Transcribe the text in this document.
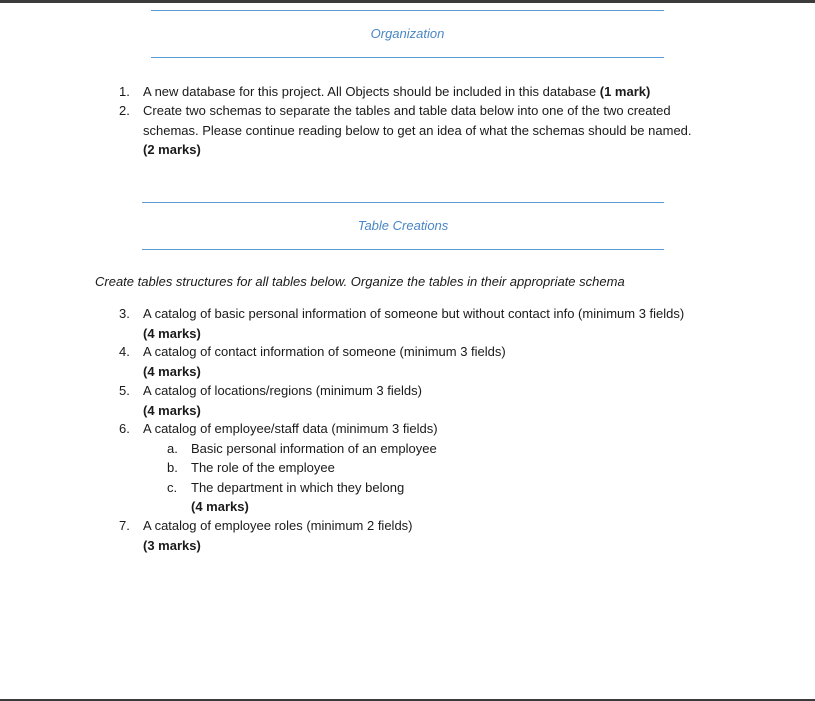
Organization
1.	A new database for this project. All Objects should be included in this database (1 mark)
2.	Create two schemas to separate the tables and table data below into one of the two created
schemas. Please continue reading below to get an idea of what the schemas should be named.
(2 marks)
Table Creations
Create tables structures for all tables below. Organize the tables in their appropriate schema
3.	A catalog of basic personal information of someone but without contact info (minimum 3 fields)
(4 marks)
4.	A catalog of contact information of someone (minimum 3 fields)
(4 marks)
5.	A catalog of locations/regions (minimum 3 fields)
(4 marks)
6.	A catalog of employee/staff data (minimum 3 fields)
a. Basic personal information of an employee
b. The role of the employee
c. The department in which they belong
(4 marks)
7.	A catalog of employee roles (minimum 2 fields)
(3 marks)
